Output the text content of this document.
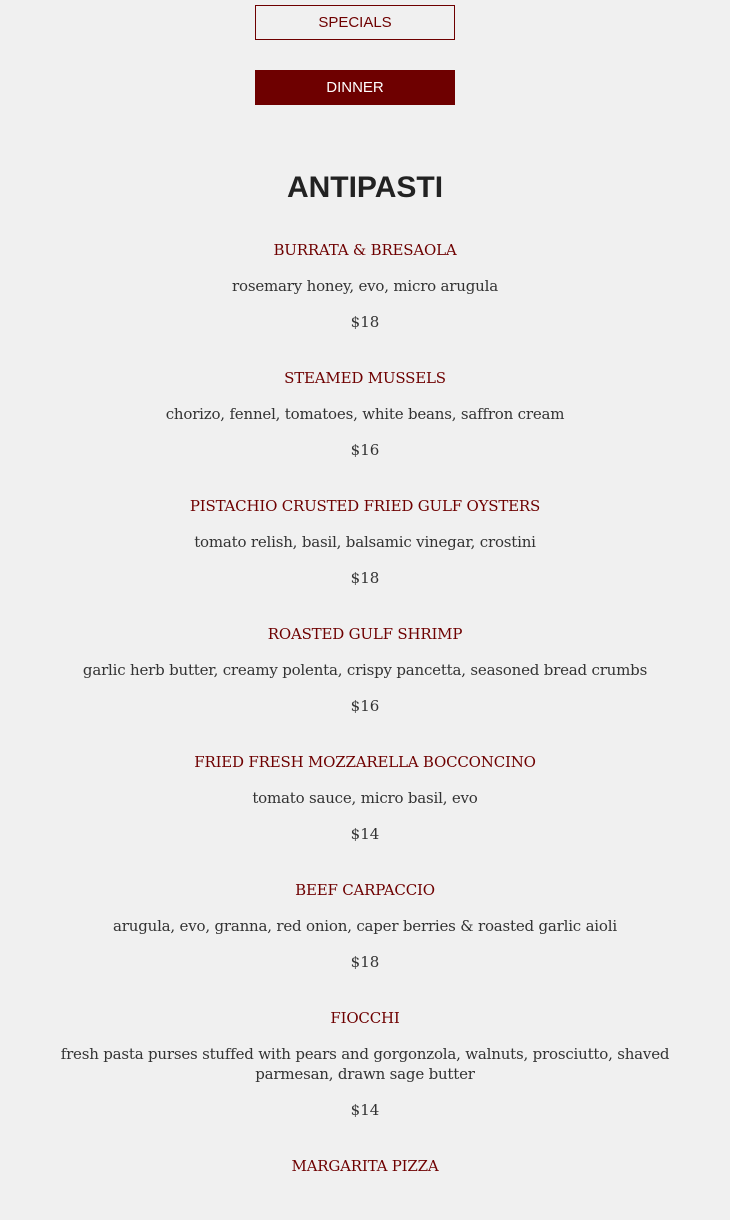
SPECIALS
DINNER
ANTIPASTI

BURRATA & BRESAOLA

rosemary honey, evo, micro arugula

$18

STEAMED MUSSELS

chorizo, fennel, tomatoes, white beans, saffron cream

$16

PISTACHIO CRUSTED FRIED GULF OYSTERS

tomato relish, basil, balsamic vinegar, crostini

$18

ROASTED GULF SHRIMP

garlic herb butter, creamy polenta, crispy pancetta, seasoned bread crumbs

$16

FRIED FRESH MOZZARELLA BOCCONCINO

tomato sauce, micro basil, evo

$14

BEEF CARPACCIO

arugula, evo, granna, red onion, caper berries & roasted garlic aioli

$18

FIOCCHI

fresh pasta purses stuffed with pears and gorgonzola, walnuts, prosciutto, shaved parmesan, drawn sage butter

$14

MARGARITA PIZZA
